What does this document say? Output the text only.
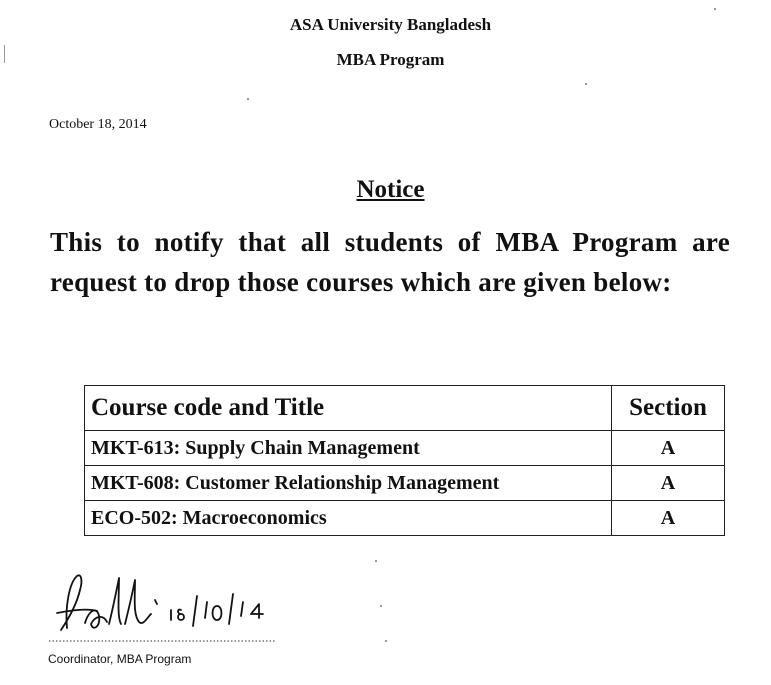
ASA University Bangladesh
MBA Program
October 18, 2014
Notice
This to notify that all students of MBA Program are request to drop those courses which are given below:
Course code and Title	Section
MKT-613: Supply Chain Management	A
MKT-608: Customer Relationship Management	A
ECO-502: Macroeconomics	A
Coordinator, MBA Program
